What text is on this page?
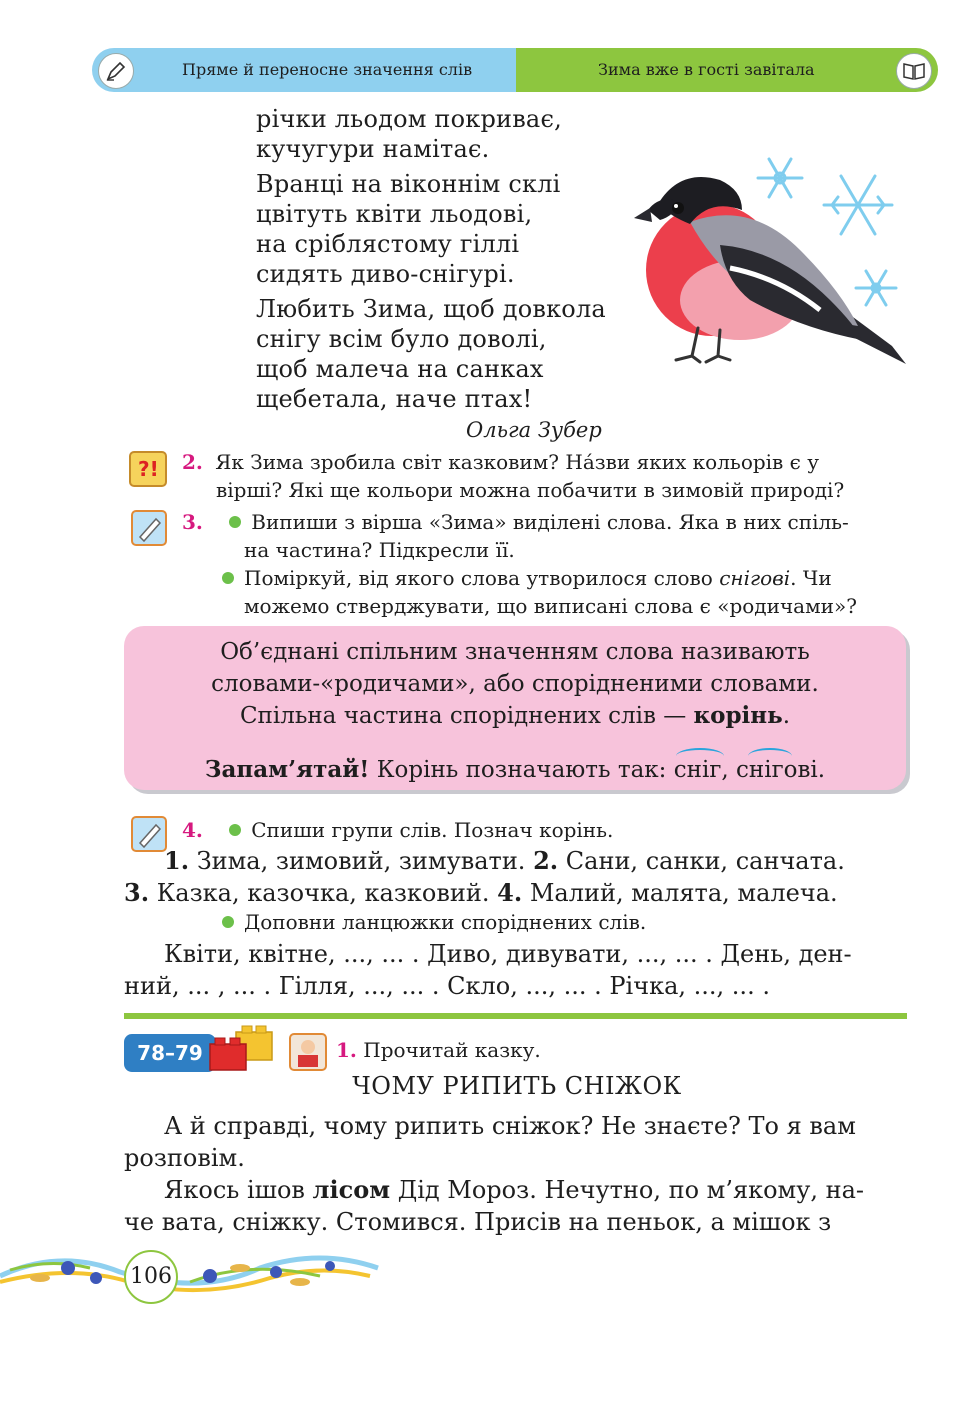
Пряме й переносне значення слів	Зима вже в гості завітала
річки льодом покриває,
кучугури намітає.
Вранці на віконнім склі
цвітуть квіти льодові,
на сріблястому гіллі
сидять диво-снігурі.
Любить Зима, щоб довкола
снігу всім було доволі,
щоб малеча на санках
щебетала, наче птах!
Ольга Зубер
?! 2. Як Зима зробила світ казковим? На́зви яких кольорів є у
вірші? Які ще кольори можна побачити в зимовій природі?
3. Випиши з вірша «Зима» виділені слова. Яка в них спіль-
на частина? Підкресли її.
Поміркуй, від якого слова утворилося слово снігові. Чи
можемо стверджувати, що виписані слова є «родичами»?
Об’єднані спільним значенням слова називають
словами-«родичами», або спорідненими словами.
Спільна частина споріднених слів — корінь.
Запам’ятай! Корінь позначають так:
сніг,
снігові.
4. Спиши групи слів. Познач корінь.
1. Зима, зимовий, зимувати. 2. Сани, санки, санчата.
3. Казка, казочка, казковий. 4. Малий, малята, малеча.
Доповни ланцюжки споріднених слів.
Квіти, квітне, ..., ... . Диво, дивувати, ..., ... . День, ден-
ний, ... , ... . Гілля, ..., ... . Скло, ..., ... . Річка, ..., ... .
78–79	1. Прочитай казку.
ЧОМУ РИПИТЬ СНІЖОК
А й справді, чому рипить сніжок? Не знаєте? То я вам
розповім.
Якось ішов лісом Дід Мороз. Нечутно, по м’якому, на-
че вата, сніжку. Стомився. Присів на пеньок, а мішок з
106
